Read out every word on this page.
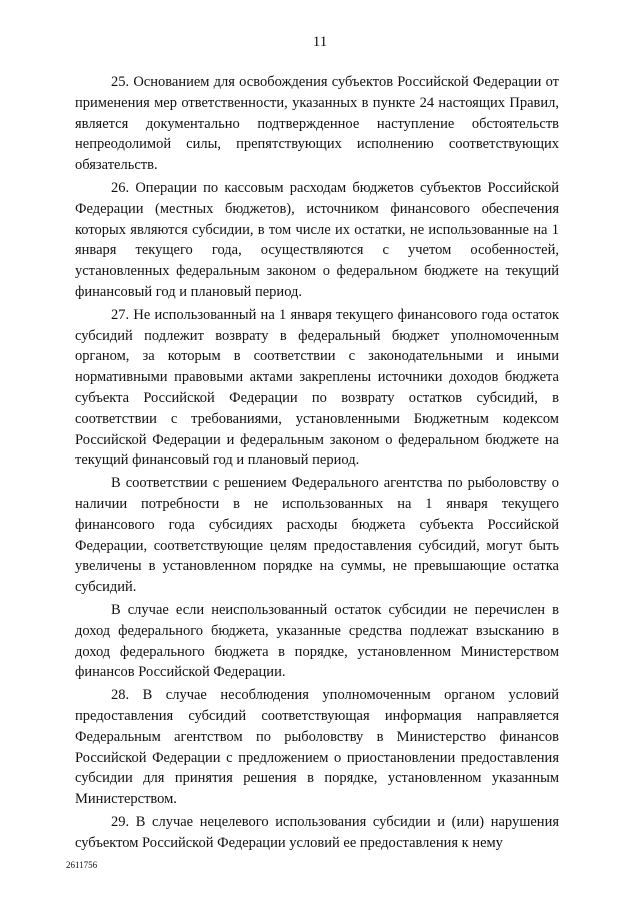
11

25. Основанием для освобождения субъектов Российской Федерации от применения мер ответственности, указанных в пункте 24 настоящих Правил, является документально подтвержденное наступление обстоятельств непреодолимой силы, препятствующих исполнению соответствующих обязательств.

26. Операции по кассовым расходам бюджетов субъектов Российской Федерации (местных бюджетов), источником финансового обеспечения которых являются субсидии, в том числе их остатки, не использованные на 1 января текущего года, осуществляются с учетом особенностей, установленных федеральным законом о федеральном бюджете на текущий финансовый год и плановый период.

27. Не использованный на 1 января текущего финансового года остаток субсидий подлежит возврату в федеральный бюджет уполномоченным органом, за которым в соответствии с законодательными и иными нормативными правовыми актами закреплены источники доходов бюджета субъекта Российской Федерации по возврату остатков субсидий, в соответствии с требованиями, установленными Бюджетным кодексом Российской Федерации и федеральным законом о федеральном бюджете на текущий финансовый год и плановый период.

В соответствии с решением Федерального агентства по рыболовству о наличии потребности в не использованных на 1 января текущего финансового года субсидиях расходы бюджета субъекта Российской Федерации, соответствующие целям предоставления субсидий, могут быть увеличены в установленном порядке на суммы, не превышающие остатка субсидий.

В случае если неиспользованный остаток субсидии не перечислен в доход федерального бюджета, указанные средства подлежат взысканию в доход федерального бюджета в порядке, установленном Министерством финансов Российской Федерации.

28. В случае несоблюдения уполномоченным органом условий предоставления субсидий соответствующая информация направляется Федеральным агентством по рыболовству в Министерство финансов Российской Федерации с предложением о приостановлении предоставления субсидии для принятия решения в порядке, установленном указанным Министерством.

29. В случае нецелевого использования субсидии и (или) нарушения субъектом Российской Федерации условий ее предоставления к нему

2611756
